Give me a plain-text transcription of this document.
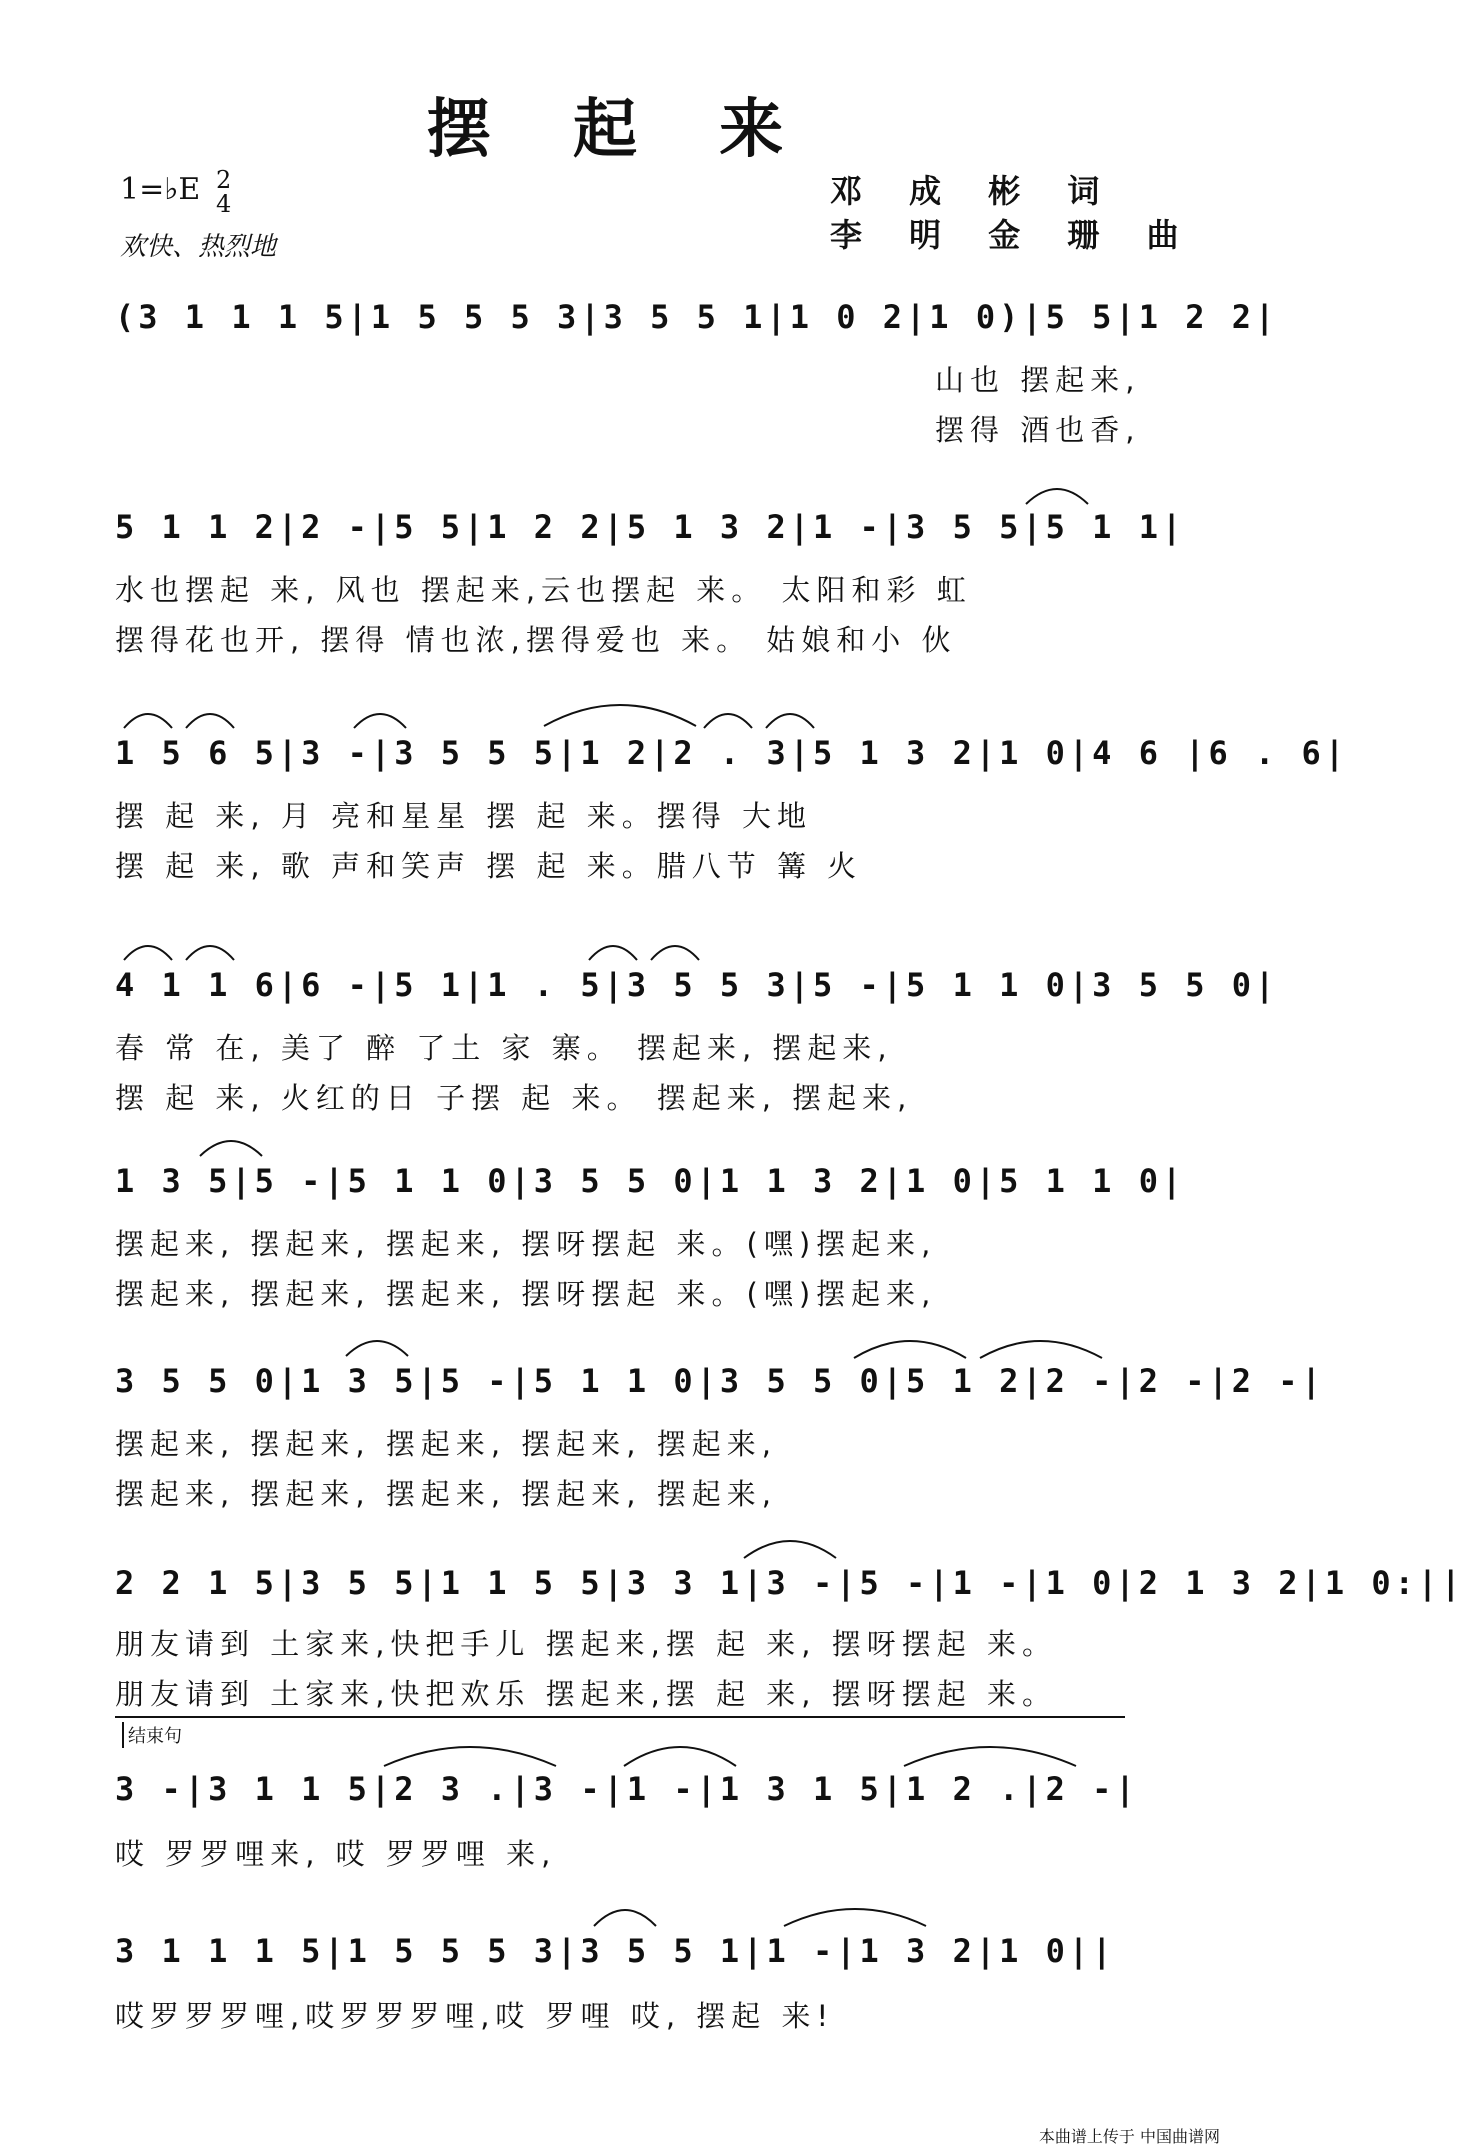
摆 起 来
1=♭E 2
4
欢快、热烈地
邓 成 彬 词
李 明 金 珊 曲
(3 1 1 1 5|1 5 5 5 3|3 5 5 1|1 0 2|1 0)|5 5|1 2 2|
山也 摆起来,
摆得 酒也香,
5 1 1 2|2 -|5 5|1 2 2|5 1 3 2|1 -|3 5 5|5 1 1|
水也摆起 来, 风也 摆起来,云也摆起 来。 太阳和彩 虹
摆得花也开, 摆得 情也浓,摆得爱也 来。 姑娘和小 伙
1 5 6 5|3 -|3 5 5 5|1 2|2 . 3|5 1 3 2|1 0|4 6 |6 . 6|
摆 起 来, 月 亮和星星 摆 起 来。摆得 大地
摆 起 来, 歌 声和笑声 摆 起 来。腊八节 篝 火
4 1 1 6|6 -|5 1|1 . 5|3 5 5 3|5 -|5 1 1 0|3 5 5 0|
春 常 在, 美了 醉 了土 家 寨。 摆起来, 摆起来,
摆 起 来, 火红的日 子摆 起 来。 摆起来, 摆起来,
1 3 5|5 -|5 1 1 0|3 5 5 0|1 1 3 2|1 0|5 1 1 0|
摆起来, 摆起来, 摆起来, 摆呀摆起 来。(嘿)摆起来,
摆起来, 摆起来, 摆起来, 摆呀摆起 来。(嘿)摆起来,
3 5 5 0|1 3 5|5 -|5 1 1 0|3 5 5 0|5 1 2|2 -|2 -|2 -|
摆起来, 摆起来, 摆起来, 摆起来, 摆起来,
摆起来, 摆起来, 摆起来, 摆起来, 摆起来,
2 2 1 5|3 5 5|1 1 5 5|3 3 1|3 -|5 -|1 -|1 0|2 1 3 2|1 0:||
朋友请到 土家来,快把手儿 摆起来,摆 起 来, 摆呀摆起 来。
朋友请到 土家来,快把欢乐 摆起来,摆 起 来, 摆呀摆起 来。
结束句
3 -|3 1 1 5|2 3 .|3 -|1 -|1 3 1 5|1 2 .|2 -|
哎 罗罗哩来, 哎 罗罗哩 来,
3 1 1 1 5|1 5 5 5 3|3 5 5 1|1 -|1 3 2|1 0||
哎罗罗罗哩,哎罗罗罗哩,哎 罗哩 哎, 摆起 来!
本曲谱上传于 中国曲谱网
